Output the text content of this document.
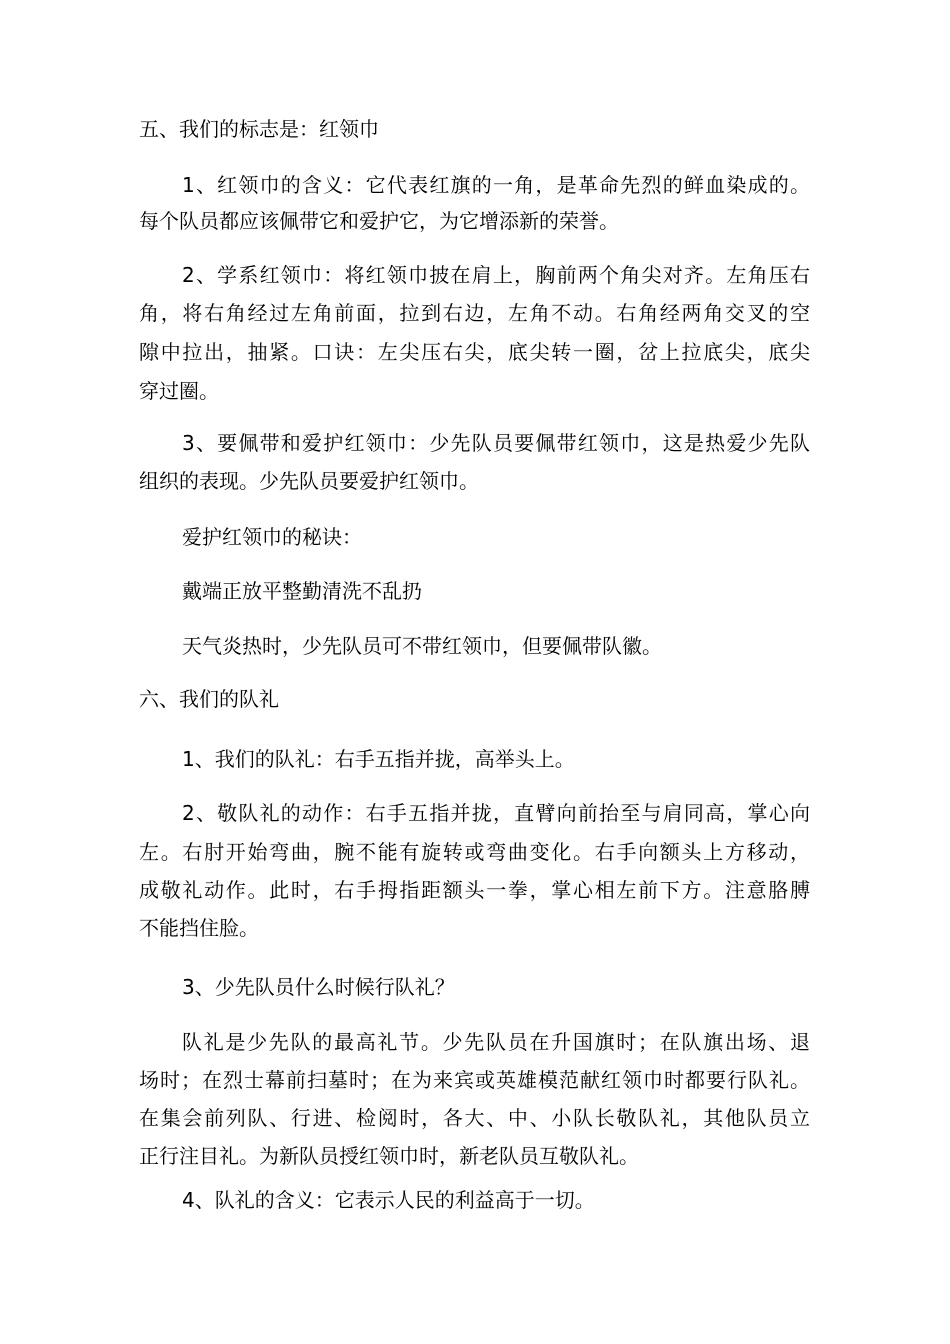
五、我们的标志是：红领巾

1、红领巾的含义：它代表红旗的一角，是革命先烈的鲜血染成的。

每个队员都应该佩带它和爱护它，为它增添新的荣誉。

2、学系红领巾：将红领巾披在肩上，胸前两个角尖对齐。左角压右

角，将右角经过左角前面，拉到右边，左角不动。右角经两角交叉的空

隙中拉出，抽紧。口诀：左尖压右尖，底尖转一圈，岔上拉底尖，底尖

穿过圈。

3、要佩带和爱护红领巾：少先队员要佩带红领巾，这是热爱少先队

组织的表现。少先队员要爱护红领巾。

爱护红领巾的秘诀：

戴端正放平整勤清洗不乱扔

天气炎热时，少先队员可不带红领巾，但要佩带队徽。

六、我们的队礼

1、我们的队礼：右手五指并拢，高举头上。

2、敬队礼的动作：右手五指并拢，直臂向前抬至与肩同高，掌心向

左。右肘开始弯曲，腕不能有旋转或弯曲变化。右手向额头上方移动，

成敬礼动作。此时，右手拇指距额头一拳，掌心相左前下方。注意胳膊

不能挡住脸。

3、少先队员什么时候行队礼？

队礼是少先队的最高礼节。少先队员在升国旗时；在队旗出场、退

场时；在烈士幕前扫墓时；在为来宾或英雄模范献红领巾时都要行队礼。

在集会前列队、行进、检阅时，各大、中、小队长敬队礼，其他队员立

正行注目礼。为新队员授红领巾时，新老队员互敬队礼。

4、队礼的含义：它表示人民的利益高于一切。
